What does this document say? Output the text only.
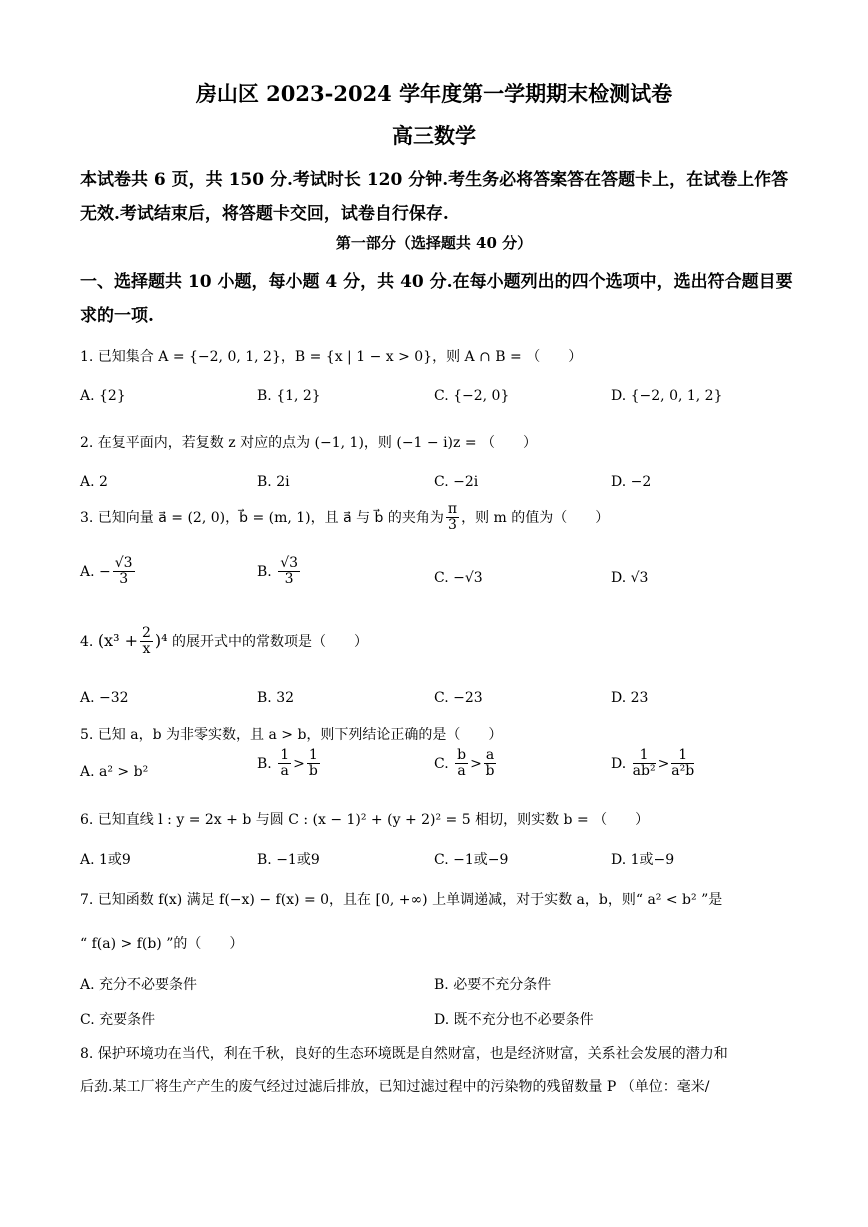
房山区 2023-2024 学年度第一学期期末检测试卷
高三数学
本试卷共 6 页，共 150 分.考试时长 120 分钟.考生务必将答案答在答题卡上，在试卷上作答
无效.考试结束后，将答题卡交回，试卷自行保存.
第一部分（选择题共 40 分）
一、选择题共 10 小题，每小题 4 分，共 40 分.在每小题列出的四个选项中，选出符合题目要
求的一项.
1. 已知集合 A = {−2, 0, 1, 2}，B = {x | 1 − x > 0}，则 A ∩ B = （　　）
A. {2}	B. {1, 2}	C. {−2, 0}	D. {−2, 0, 1, 2}
2. 在复平面内，若复数 z 对应的点为 (−1, 1)，则 (−1 − i)z = （　　）
A. 2	B. 2i	C. −2i	D. −2
3. 已知向量 a⃗ = (2, 0)，b⃗ = (m, 1)，且 a⃗ 与 b⃗ 的夹角为 $\frac{\pi}{3}$ ，则 m 的值为（　　）
A. − $\frac{√3}{3}$	B. $\frac{√3}{3}$	C. −√3	D. √3
4. $(x^3 + \frac{2}{x} )^4$ 的展开式中的常数项是（　　）
A. −32	B. 32	C. −23	D. 23
5. 已知 a，b 为非零实数，且 a > b，则下列结论正确的是（　　）
A. a² > b²
B. $\frac{1}{a} > \frac{1}{b}$	C. $\frac{b}{a} > \frac{a}{b}$	D. $\frac{1}{\text{ab²}} > \frac{1}{\text{a²b}}$
6. 已知直线 l : y = 2x + b 与圆 C : (x − 1)² + (y + 2)² = 5 相切，则实数 b = （　　）
A. 1或9	B. −1或9	C. −1或−9	D. 1或−9
7. 已知函数 f(x) 满足 f(−x) − f(x) = 0，且在 [0, +∞) 上单调递减，对于实数 a，b，则“ a² < b² ”是
“ f(a) > f(b) ”的（　　）
A. 充分不必要条件	B. 必要不充分条件
C. 充要条件	D. 既不充分也不必要条件
8. 保护环境功在当代，利在千秋，良好的生态环境既是自然财富，也是经济财富，关系社会发展的潜力和
后劲.某工厂将生产产生的废气经过过滤后排放，已知过滤过程中的污染物的残留数量 P （单位：毫米/
